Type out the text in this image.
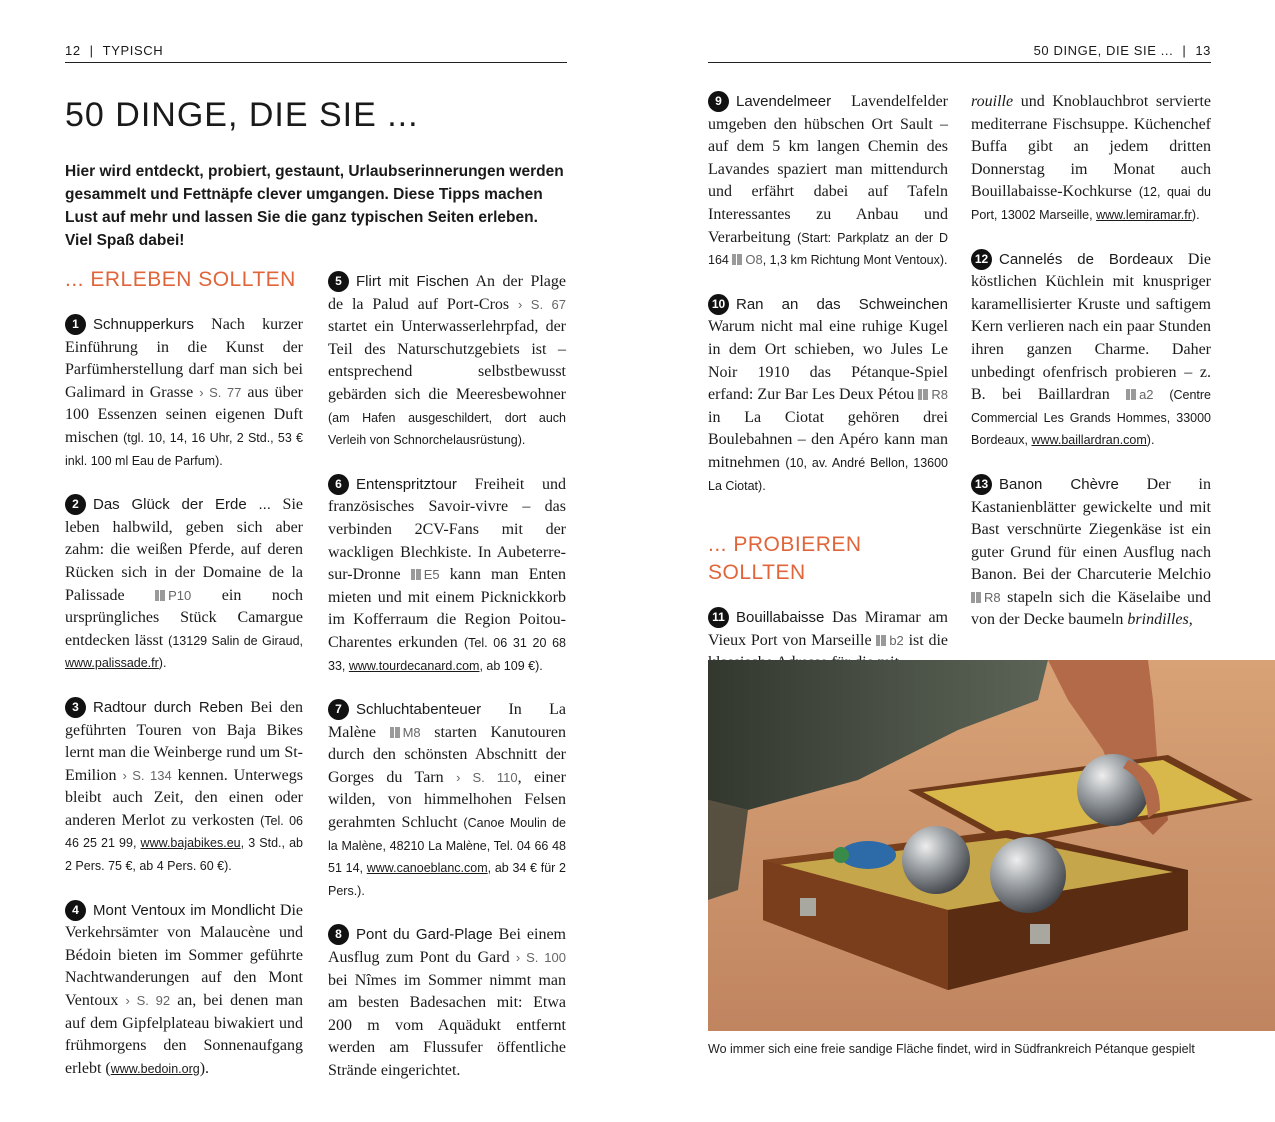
12 | TYPISCH	50 DINGE, DIE SIE ... | 13
50 DINGE, DIE SIE ...

Hier wird entdeckt, probiert, gestaunt, Urlaubserinnerungen werden gesammelt und Fettnäpfe clever umgangen. Diese Tipps machen Lust auf mehr und lassen Sie die ganz typischen Seiten erleben. Viel Spaß dabei!

... ERLEBEN SOLLTEN
1 Schnupperkurs Nach kurzer Einführung in die Kunst der Parfümherstellung darf man sich bei Galimard in Grasse › S. 77 aus über 100 Essenzen seinen eigenen Duft mischen (tgl. 10, 14, 16 Uhr, 2 Std., 53 € inkl. 100 ml Eau de Parfum).
2 Das Glück der Erde ... Sie leben halbwild, geben sich aber zahm: die weißen Pferde, auf deren Rücken sich in der Domaine de la Palissade P10 ein noch ursprüngliches Stück Camargue entdecken lässt (13129 Salin de Giraud, www.palissade.fr).
3 Radtour durch Reben Bei den geführten Touren von Baja Bikes lernt man die Weinberge rund um St-Emilion › S. 134 kennen. Unterwegs bleibt auch Zeit, den einen oder anderen Merlot zu verkosten (Tel. 06 46 25 21 99, www.bajabikes.eu, 3 Std., ab 2 Pers. 75 €, ab 4 Pers. 60 €).
4 Mont Ventoux im Mondlicht Die Verkehrsämter von Malaucène und Bédoin bieten im Sommer geführte Nachtwanderungen auf den Mont Ventoux › S. 92 an, bei denen man auf dem Gipfelplateau biwakiert und frühmorgens den Sonnenaufgang erlebt (www.bedoin.org).
5 Flirt mit Fischen An der Plage de la Palud auf Port-Cros › S. 67 startet ein Unterwasserlehrpfad, der Teil des Naturschutzgebiets ist – entsprechend selbstbewusst gebärden sich die Meeresbewohner (am Hafen ausgeschildert, dort auch Verleih von Schnorchelausrüstung).
6 Entenspritztour Freiheit und französisches Savoir-vivre – das verbinden 2CV-Fans mit der wackligen Blechkiste. In Aubeterre-sur-Dronne E5 kann man Enten mieten und mit einem Picknickkorb im Kofferraum die Region Poitou-Charentes erkunden (Tel. 06 31 20 68 33, www.tourdecanard.com, ab 109 €).
7 Schluchtabenteuer In La Malène M8 starten Kanutouren durch den schönsten Abschnitt der Gorges du Tarn › S. 110, einer wilden, von himmelhohen Felsen gerahmten Schlucht (Canoe Moulin de la Malène, 48210 La Malène, Tel. 04 66 48 51 14, www.canoeblanc.com, ab 34 € für 2 Pers.).
8 Pont du Gard-Plage Bei einem Ausflug zum Pont du Gard › S. 100 bei Nîmes im Sommer nimmt man am besten Badesachen mit: Etwa 200 m vom Aquädukt entfernt werden am Flussufer öffentliche Strände eingerichtet.
9 Lavendelmeer Lavendelfelder umgeben den hübschen Ort Sault – auf dem 5 km langen Chemin des Lavandes spaziert man mittendurch und erfährt dabei auf Tafeln Interessantes zu Anbau und Verarbeitung (Start: Parkplatz an der D 164 O8, 1,3 km Richtung Mont Ventoux).
10 Ran an das Schweinchen Warum nicht mal eine ruhige Kugel in dem Ort schieben, wo Jules Le Noir 1910 das Pétanque-Spiel erfand: Zur Bar Les Deux Pétou R8 in La Ciotat gehören drei Boulebahnen – den Apéro kann man mitnehmen (10, av. André Bellon, 13600 La Ciotat).
... PROBIEREN SOLLTEN
11 Bouillabaisse Das Miramar am Vieux Port von Marseille b2 ist die
rouille und Knoblauchbrot servierte mediterrane Fischsuppe. Küchenchef Buffa gibt an jedem dritten Donnerstag im Monat auch Bouillabaisse-Kochkurse (12, quai du Port, 13002 Marseille, www.lemiramar.fr).
12 Cannelés de Bordeaux Die köstlichen Küchlein mit knuspriger karamellisierter Kruste und saftigem Kern verlieren nach ein paar Stunden ihren ganzen Charme. Daher unbedingt ofenfrisch probieren – z. B. bei Baillardran a2 (Centre Commercial Les Grands Hommes, 33000 Bordeaux, www.baillardran.com).
13 Banon Chèvre Der in Kastanienblätter gewickelte und mit Bast verschnürte Ziegenkäse ist ein guter Grund für einen Ausflug nach Banon. Bei der Charcuterie Melchio R8 stapeln sich die Käselaibe und von der Decke baumeln brindilles,
Wo immer sich eine freie sandige Fläche findet, wird in Südfrankreich Pétanque gespielt
